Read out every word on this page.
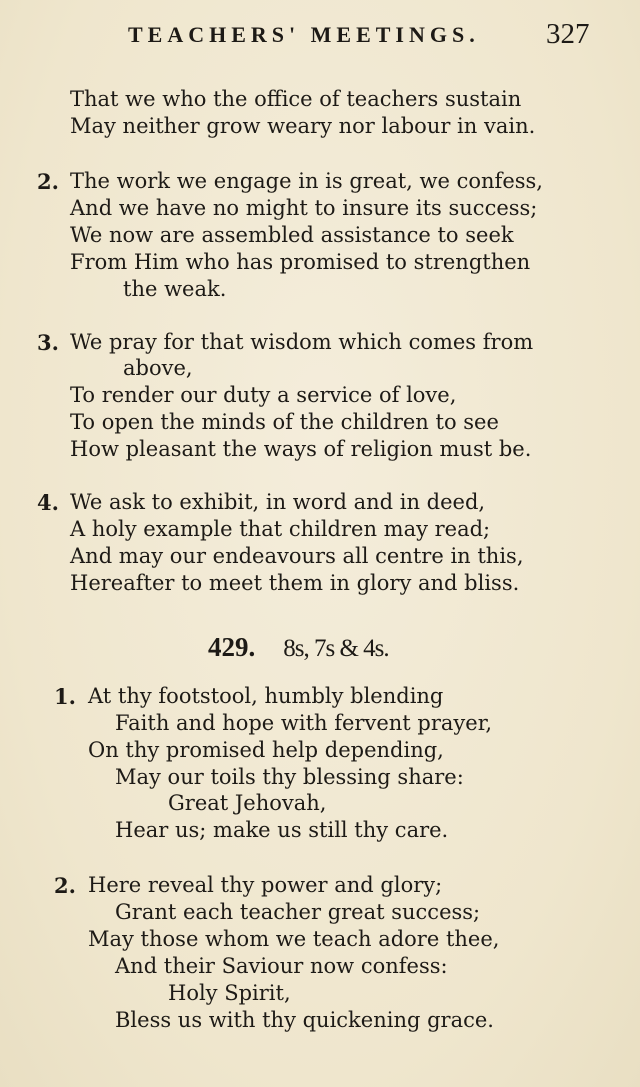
TEACHERS' MEETINGS. 327
That we who the office of teachers sustain
May neither grow weary nor labour in vain.
2. The work we engage in is great, we confess,
And we have no might to insure its success;
We now are assembled assistance to seek
From Him who has promised to strengthen
the weak.
3. We pray for that wisdom which comes from
above,
To render our duty a service of love,
To open the minds of the children to see
How pleasant the ways of religion must be.
4. We ask to exhibit, in word and in deed,
A holy example that children may read;
And may our endeavours all centre in this,
Hereafter to meet them in glory and bliss.
429. 8s, 7s & 4s.
1. At thy footstool, humbly blending
Faith and hope with fervent prayer,
On thy promised help depending,
May our toils thy blessing share:
Great Jehovah,
Hear us; make us still thy care.
2. Here reveal thy power and glory;
Grant each teacher great success;
May those whom we teach adore thee,
And their Saviour now confess:
Holy Spirit,
Bless us with thy quickening grace.
